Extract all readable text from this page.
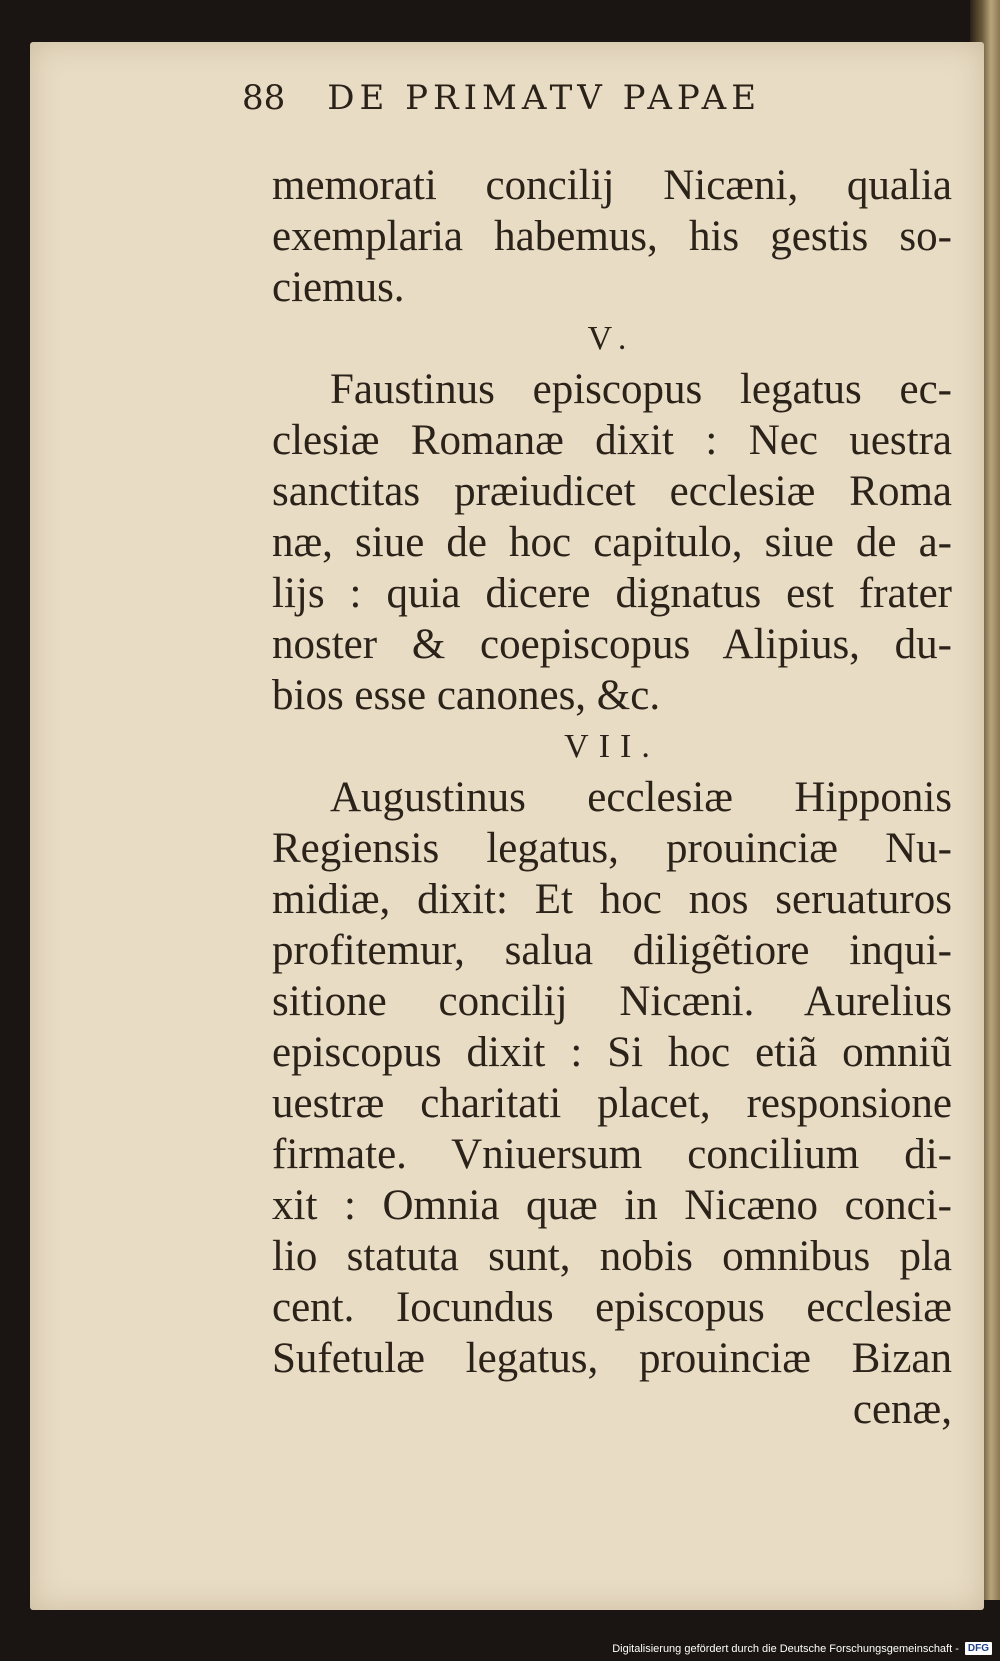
88 DE PRIMATV PAPAE
memorati concilij Nicæni, qualia
exemplaria habemus, his gestis so-
ciemus.
V.
Faustinus episcopus legatus ec-
clesiæ Romanæ dixit : Nec uestra
sanctitas præiudicet ecclesiæ Roma
næ, siue de hoc capitulo, siue de a-
lijs : quia dicere dignatus est frater
noster & coepiscopus Alipius, du-
bios esse canones, &c.
VII.
Augustinus ecclesiæ Hipponis
Regiensis legatus, prouinciæ Nu-
midiæ, dixit: Et hoc nos seruaturos
profitemur, salua diligẽtiore inqui-
sitione concilij Nicæni. Aurelius
episcopus dixit : Si hoc etiã omniũ
uestræ charitati placet, responsione
firmate. Vniuersum concilium di-
xit : Omnia quæ in Nicæno conci-
lio statuta sunt, nobis omnibus pla
cent. Iocundus episcopus ecclesiæ
Sufetulæ legatus, prouinciæ Bizan
cenæ,
Digitalisierung gefördert durch die Deutsche Forschungsgemeinschaft - DFG
